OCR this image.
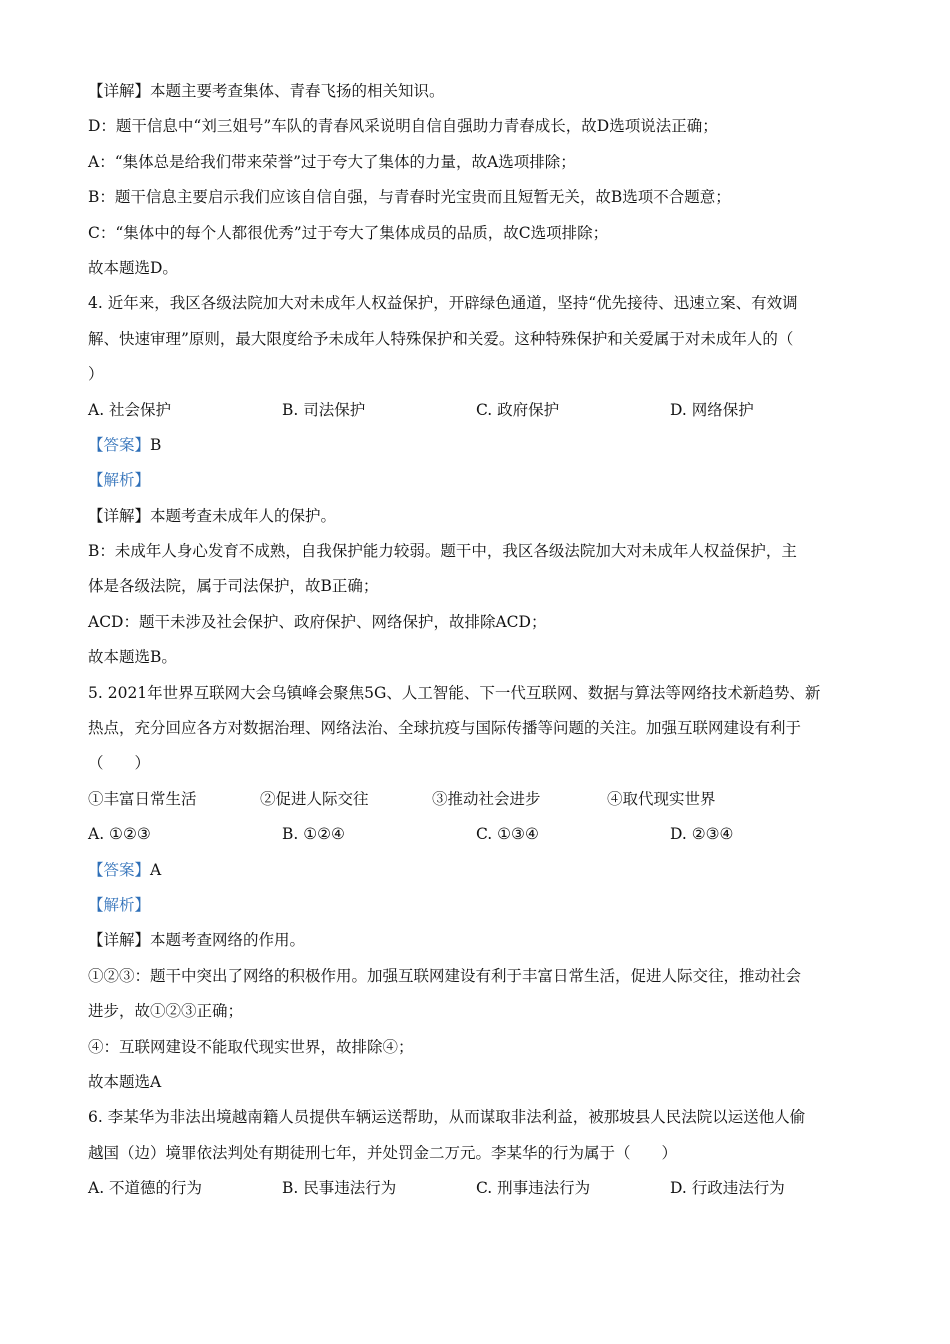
【详解】本题主要考查集体、青春飞扬的相关知识。
D：题干信息中“刘三姐号”车队的青春风采说明自信自强助力青春成长，故D选项说法正确；
A：“集体总是给我们带来荣誉”过于夸大了集体的力量，故A选项排除；
B：题干信息主要启示我们应该自信自强，与青春时光宝贵而且短暂无关，故B选项不合题意；
C：“集体中的每个人都很优秀”过于夸大了集体成员的品质，故C选项排除；
故本题选D。
4. 近年来，我区各级法院加大对未成年人权益保护，开辟绿色通道，坚持“优先接待、迅速立案、有效调
解、快速审理”原则，最大限度给予未成年人特殊保护和关爱。这种特殊保护和关爱属于对未成年人的（
）
A. 社会保护	B. 司法保护	C. 政府保护	D. 网络保护
【答案】B
【解析】
【详解】本题考查未成年人的保护。
B：未成年人身心发育不成熟，自我保护能力较弱。题干中，我区各级法院加大对未成年人权益保护，主
体是各级法院，属于司法保护，故B正确；
ACD：题干未涉及社会保护、政府保护、网络保护，故排除ACD；
故本题选B。
5. 2021年世界互联网大会乌镇峰会聚焦5G、人工智能、下一代互联网、数据与算法等网络技术新趋势、新
热点，充分回应各方对数据治理、网络法治、全球抗疫与国际传播等问题的关注。加强互联网建设有利于
（　　）
①丰富日常生活	②促进人际交往	③推动社会进步	④取代现实世界
A. ①②③	B. ①②④	C. ①③④	D. ②③④
【答案】A
【解析】
【详解】本题考查网络的作用。
①②③：题干中突出了网络的积极作用。加强互联网建设有利于丰富日常生活，促进人际交往，推动社会
进步，故①②③正确；
④：互联网建设不能取代现实世界，故排除④；
故本题选A
6. 李某华为非法出境越南籍人员提供车辆运送帮助，从而谋取非法利益，被那坡县人民法院以运送他人偷
越国（边）境罪依法判处有期徒刑七年，并处罚金二万元。李某华的行为属于（　　）
A. 不道德的行为	B. 民事违法行为	C. 刑事违法行为	D. 行政违法行为
